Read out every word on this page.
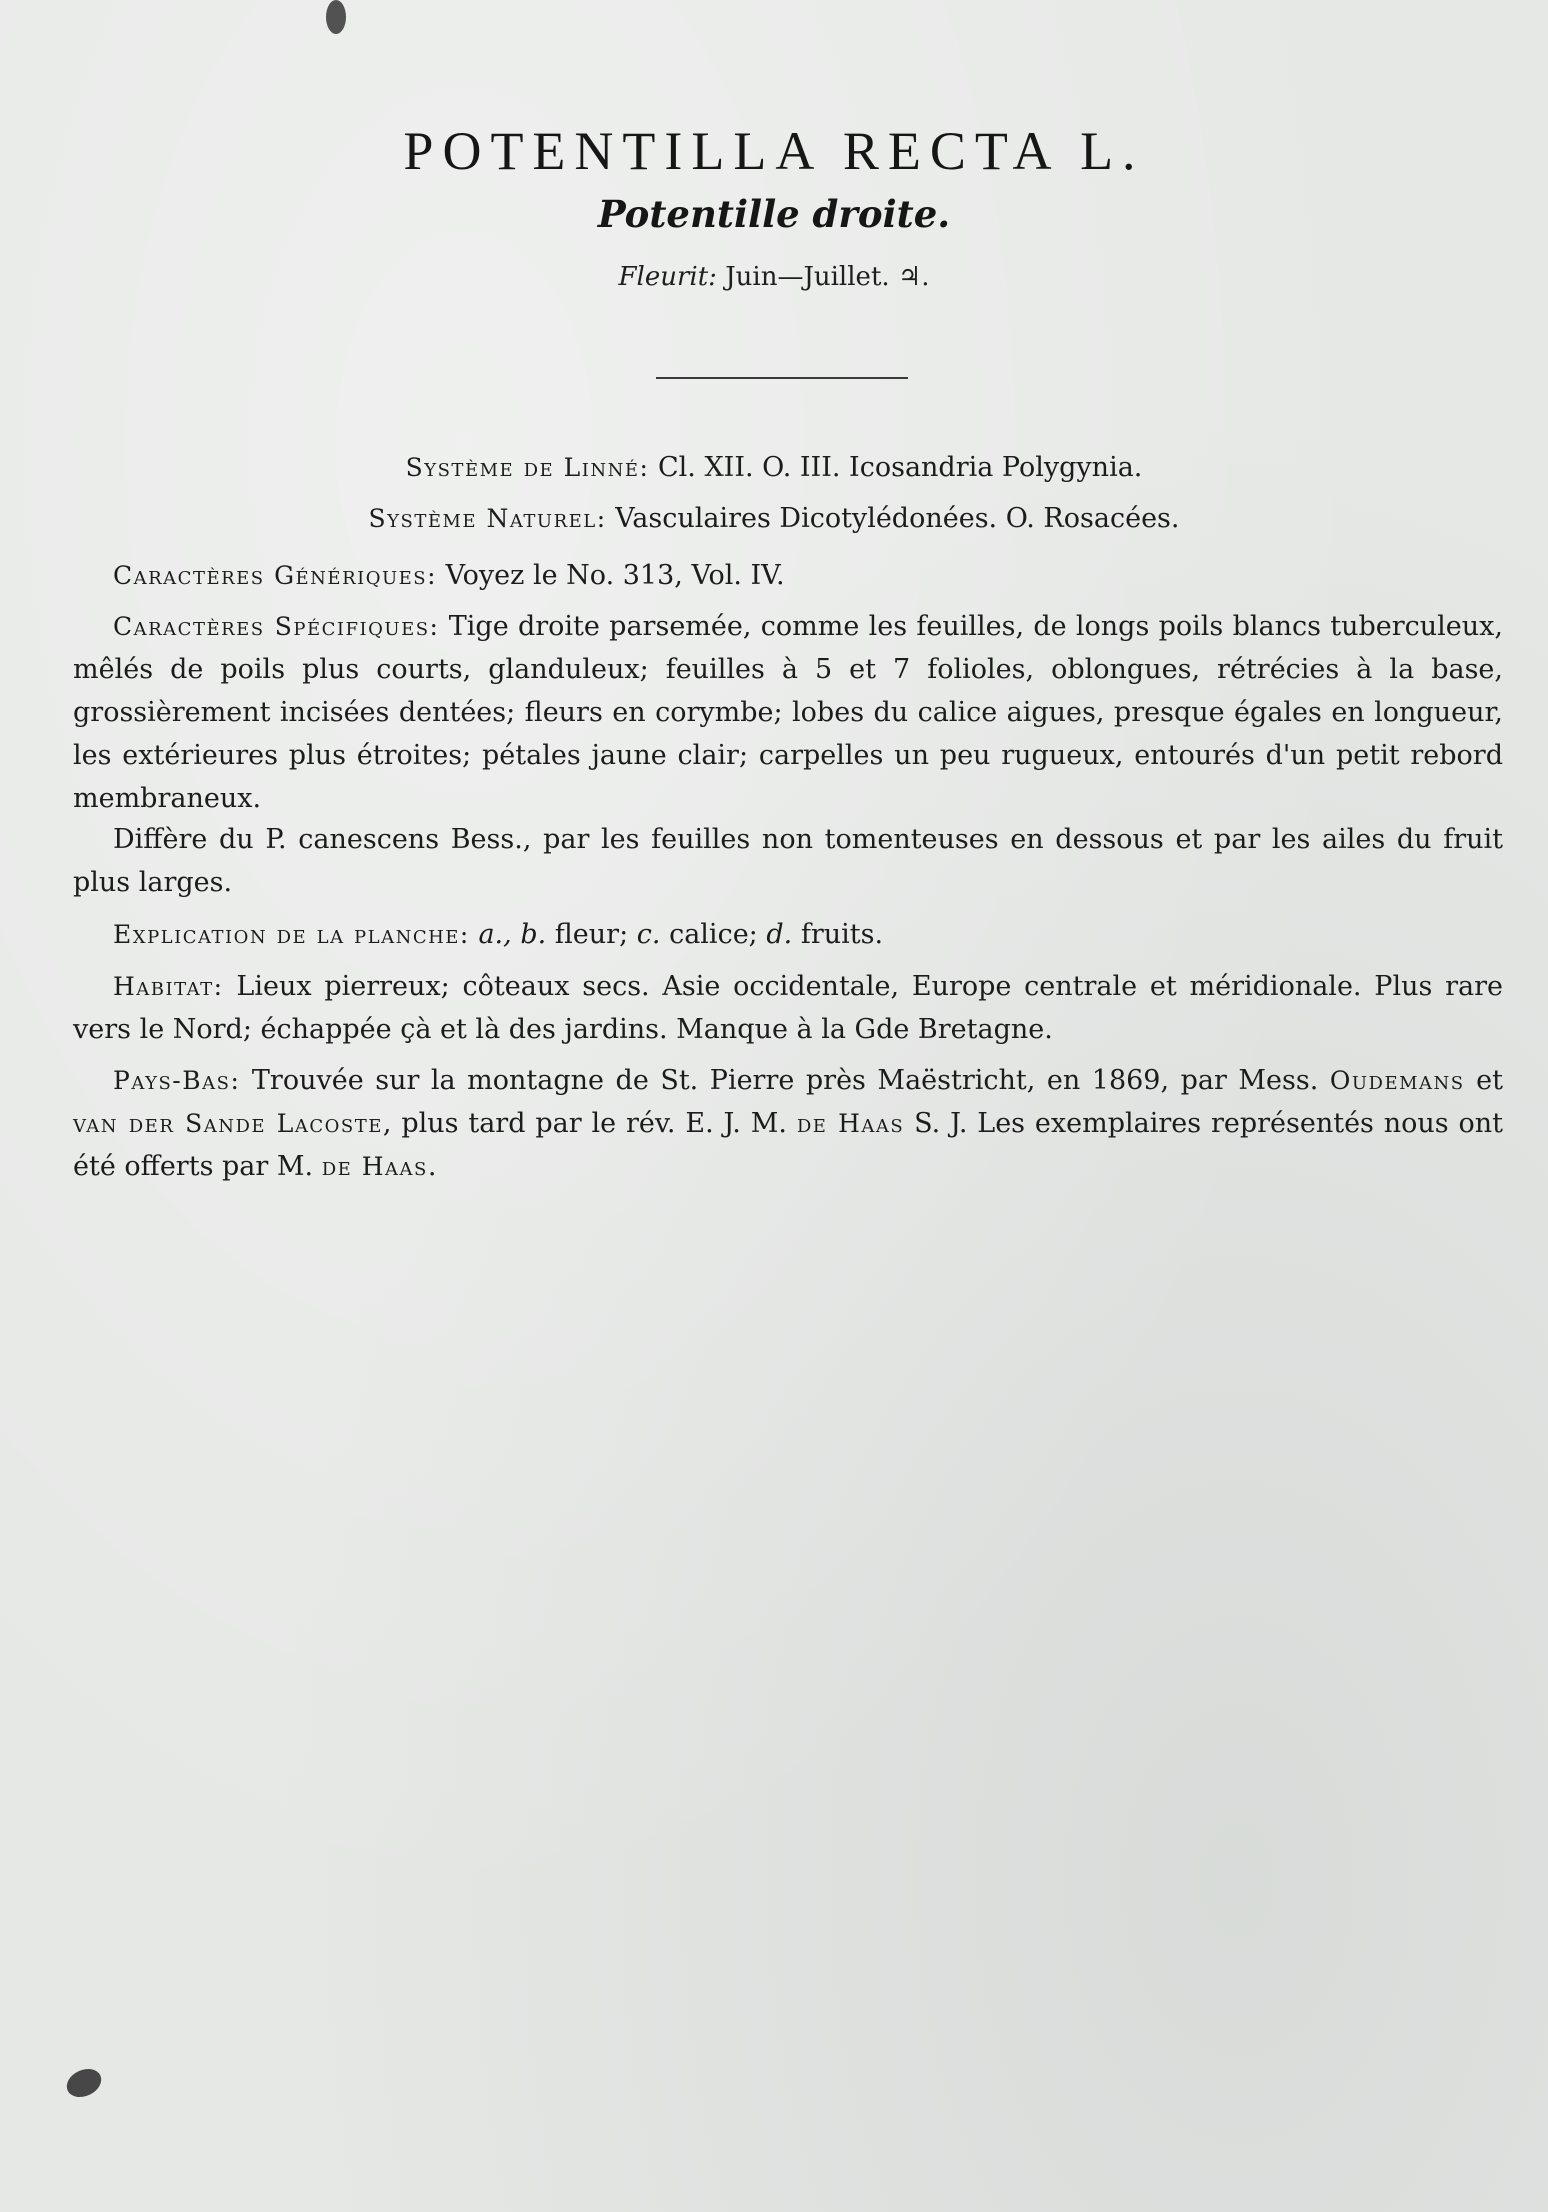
POTENTILLA RECTA L.
Potentille droite.
Fleurit: Juin—Juillet. ♃.
Système de Linné: Cl. XII. O. III. Icosandria Polygynia.
Système Naturel: Vasculaires Dicotylédonées. O. Rosacées.
Caractères Génériques: Voyez le No. 313, Vol. IV.
Caractères Spécifiques: Tige droite parsemée, comme les feuilles, de longs poils blancs tuberculeux, mêlés de poils plus courts, glanduleux; feuilles à 5 et 7 folioles, oblongues, rétrécies à la base, grossièrement incisées dentées; fleurs en corymbe; lobes du calice aigues, presque égales en longueur, les extérieures plus étroites; pétales jaune clair; carpelles un peu rugueux, entourés d'un petit rebord membraneux.
Diffère du P. canescens Bess., par les feuilles non tomenteuses en dessous et par les ailes du fruit plus larges.
Explication de la planche: a., b. fleur; c. calice; d. fruits.
Habitat: Lieux pierreux; côteaux secs. Asie occidentale, Europe centrale et méridionale. Plus rare vers le Nord; échappée çà et là des jardins. Manque à la Gde Bretagne.
Pays-Bas: Trouvée sur la montagne de St. Pierre près Maëstricht, en 1869, par Mess. Oudemans et van der Sande Lacoste, plus tard par le rév. E. J. M. de Haas S. J. Les exemplaires représentés nous ont été offerts par M. de Haas.
